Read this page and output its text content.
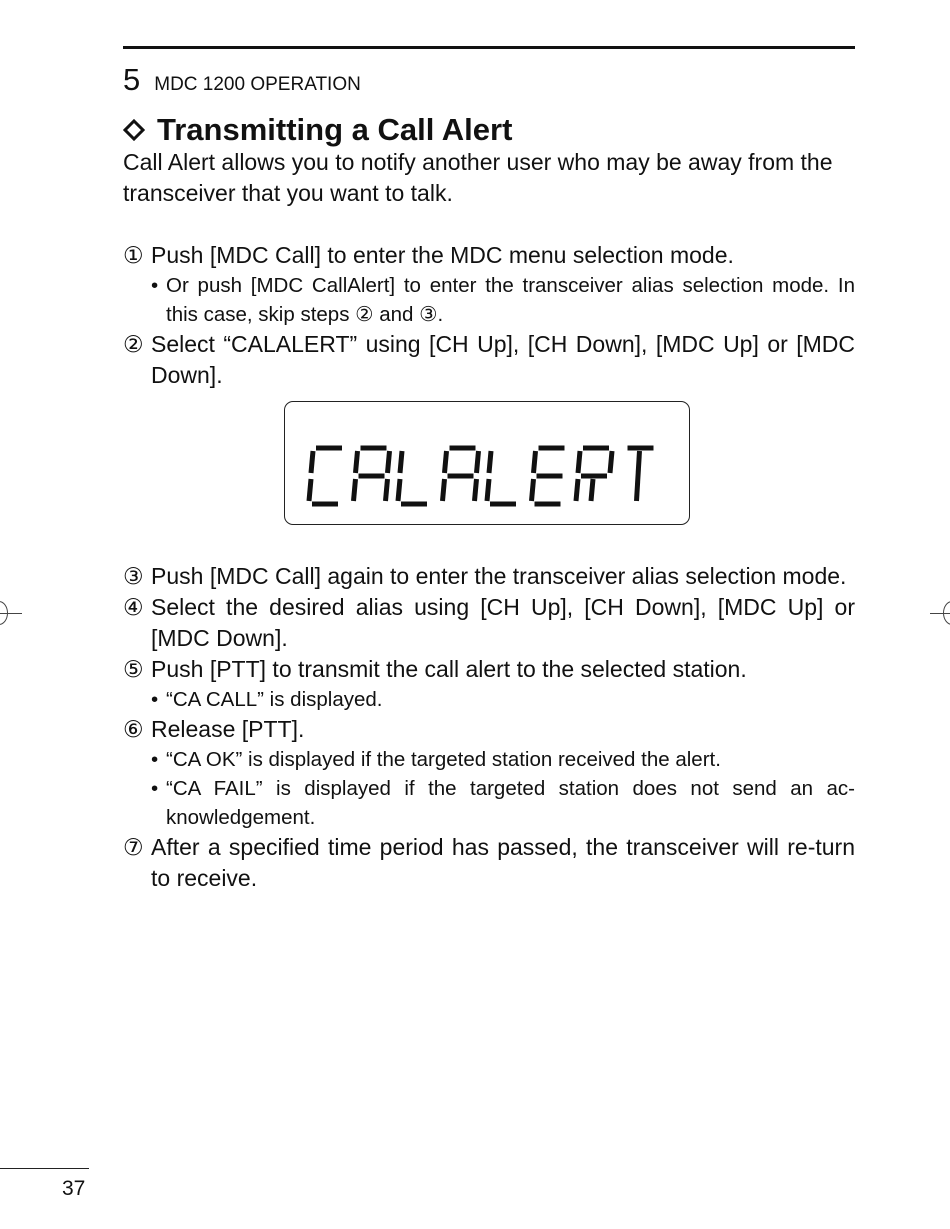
5 MDC 1200 OPERATION
Transmitting a Call Alert
Call Alert allows you to notify another user who may be away from the transceiver that you want to talk.
① Push [MDC Call] to enter the MDC menu selection mode.
• Or push [MDC CallAlert] to enter the transceiver alias selection mode. In this case, skip steps ② and ③.
② Select “CALALERT” using [CH Up], [CH Down], [MDC Up] or [MDC Down].
③ Push [MDC Call] again to enter the transceiver alias selection mode.
④ Select the desired alias using [CH Up], [CH Down], [MDC Up] or [MDC Down].
⑤ Push [PTT] to transmit the call alert to the selected station.
• “CA CALL” is displayed.
⑥ Release [PTT].
• “CA OK” is displayed if the targeted station received the alert.
• “CA FAIL” is displayed if the targeted station does not send an ac-knowledgement.
⑦ After a specified time period has passed, the transceiver will re-turn to receive.
37
